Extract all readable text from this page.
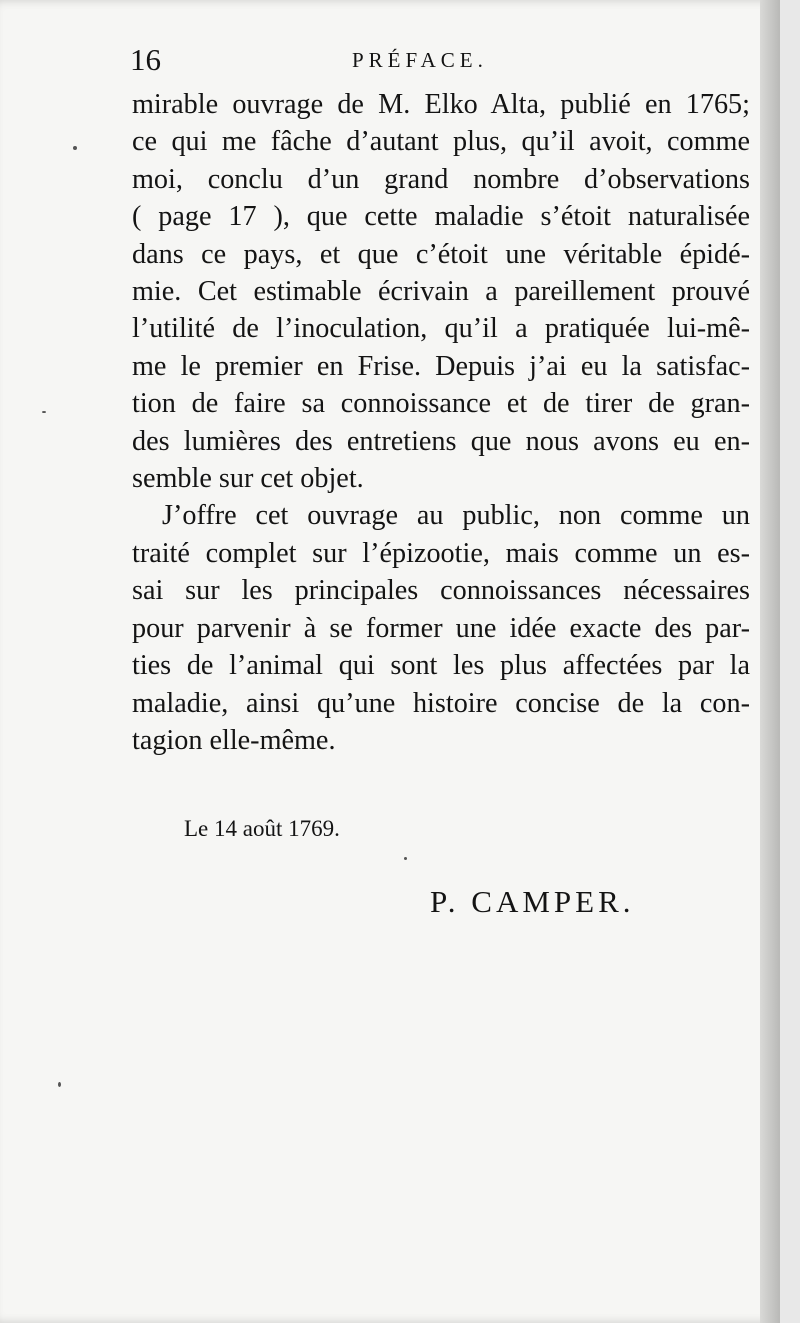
16	PRÉFACE.
mirable ouvrage de M. Elko Alta, publié en 1765;
ce qui me fâche d’autant plus, qu’il avoit, comme
moi, conclu d’un grand nombre d’observations
( page 17 ), que cette maladie s’étoit naturalisée
dans ce pays, et que c’étoit une véritable épidé-
mie. Cet estimable écrivain a pareillement prouvé
l’utilité de l’inoculation, qu’il a pratiquée lui-mê-
me le premier en Frise. Depuis j’ai eu la satisfac-
tion de faire sa connoissance et de tirer de gran-
des lumières des entretiens que nous avons eu en-
semble sur cet objet.
J’offre cet ouvrage au public, non comme un
traité complet sur l’épizootie, mais comme un es-
sai sur les principales connoissances nécessaires
pour parvenir à se former une idée exacte des par-
ties de l’animal qui sont les plus affectées par la
maladie, ainsi qu’une histoire concise de la con-
tagion elle-même.
Le 14 août 1769.
P. CAMPER.
